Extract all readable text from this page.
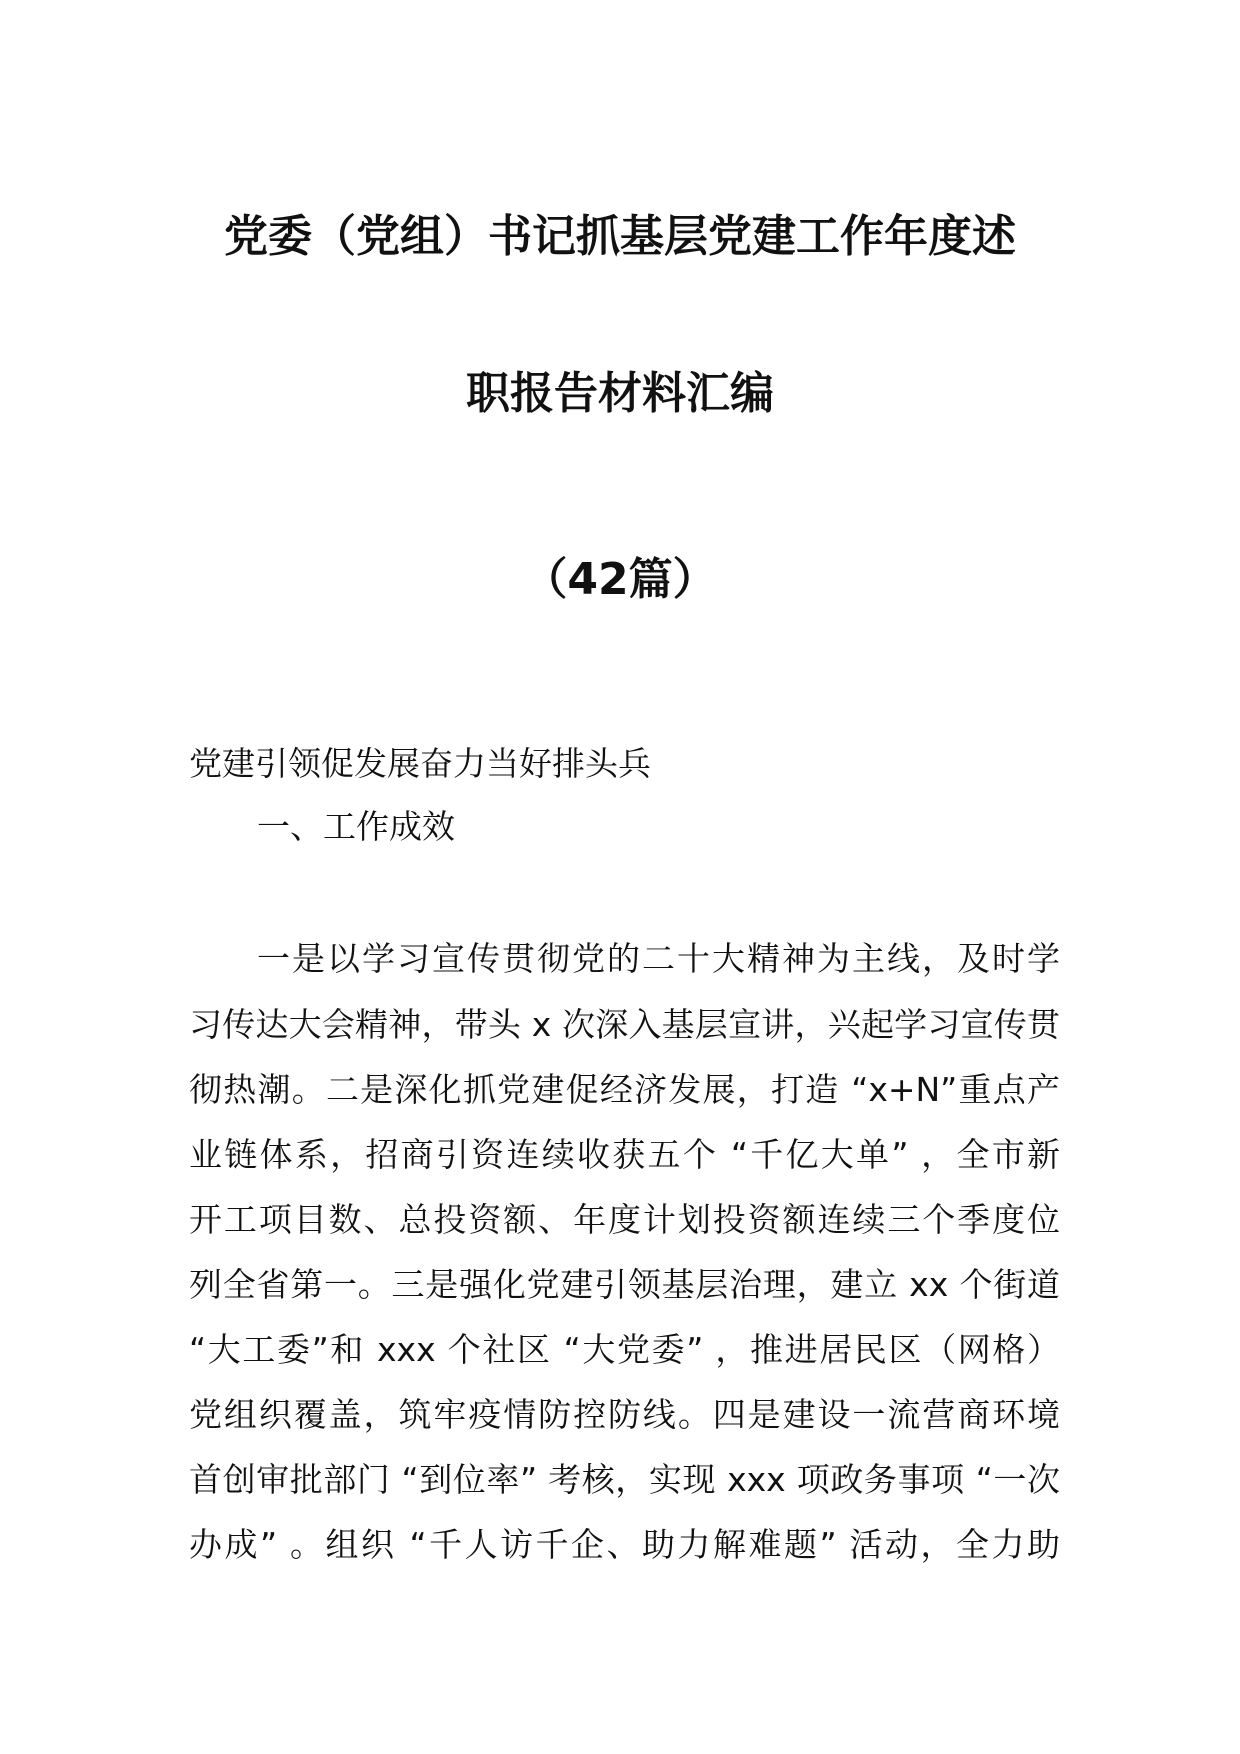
党委（党组）书记抓基层党建工作年度述
职报告材料汇编
（42篇）
党建引领促发展奋力当好排头兵
一、工作成效
一是以学习宣传贯彻党的二十大精神为主线，及时学
习传达大会精神，带头 x 次深入基层宣讲，兴起学习宣传贯
彻热潮。二是深化抓党建促经济发展，打造 “x+N”重点产
业链体系，招商引资连续收获五个 “千亿大单” ，全市新
开工项目数、总投资额、年度计划投资额连续三个季度位
列全省第一。三是强化党建引领基层治理，建立 xx 个街道
“大工委”和 xxx 个社区 “大党委” ，推进居民区（网格）
党组织覆盖，筑牢疫情防控防线。四是建设一流营商环境
首创审批部门 “到位率” 考核，实现 xxx 项政务事项 “一次
办成” 。组织 “千人访千企、助力解难题” 活动，全力助
